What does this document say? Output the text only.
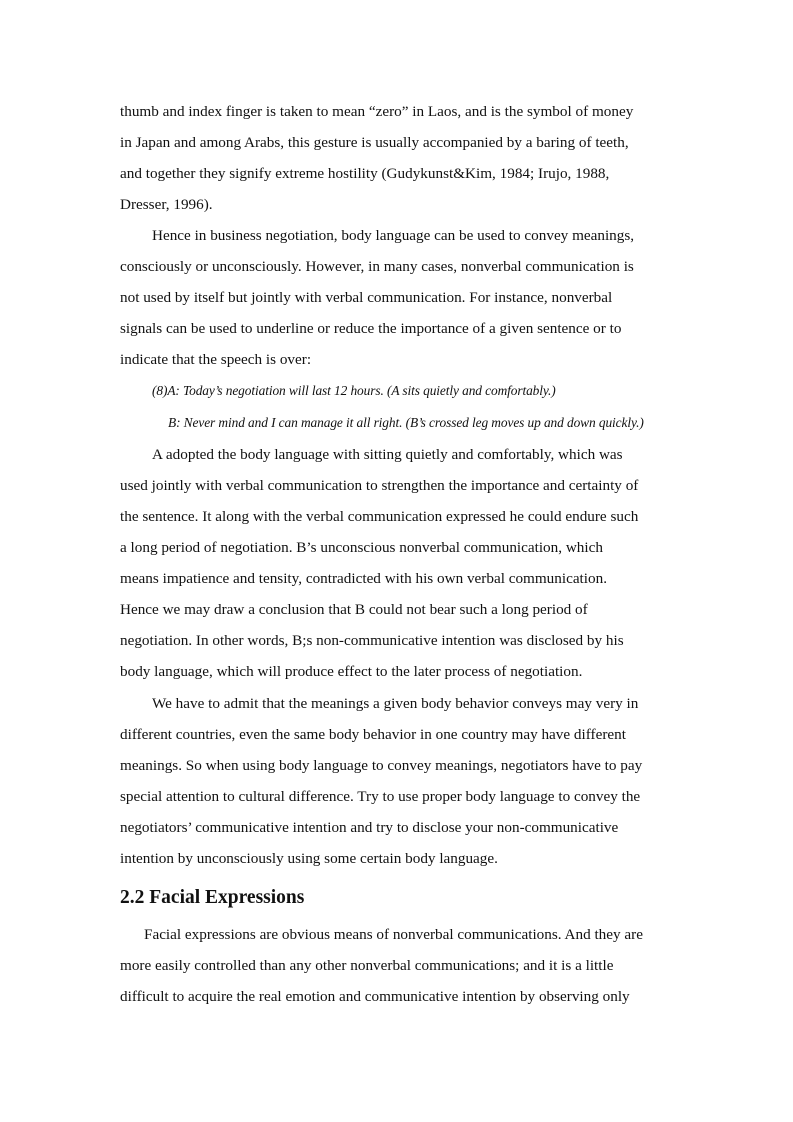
thumb and index finger is taken to mean “zero” in Laos, and is the symbol of money
in Japan and among Arabs, this gesture is usually accompanied by a baring of teeth,
and together they signify extreme hostility (Gudykunst&Kim, 1984; Irujo, 1988,
Dresser, 1996).
Hence in business negotiation, body language can be used to convey meanings,
consciously or unconsciously. However, in many cases, nonverbal communication is
not used by itself but jointly with verbal communication. For instance, nonverbal
signals can be used to underline or reduce the importance of a given sentence or to
indicate that the speech is over:
(8)A: Today’s negotiation will last 12 hours. (A sits quietly and comfortably.)
B: Never mind and I can manage it all right. (B’s crossed leg moves up and down quickly.)
A adopted the body language with sitting quietly and comfortably, which was
used jointly with verbal communication to strengthen the importance and certainty of
the sentence. It along with the verbal communication expressed he could endure such
a long period of negotiation. B’s unconscious nonverbal communication, which
means impatience and tensity, contradicted with his own verbal communication.
Hence we may draw a conclusion that B could not bear such a long period of
negotiation. In other words, B;s non-communicative intention was disclosed by his
body language, which will produce effect to the later process of negotiation.
We have to admit that the meanings a given body behavior conveys may very in
different countries, even the same body behavior in one country may have different
meanings. So when using body language to convey meanings, negotiators have to pay
special attention to cultural difference. Try to use proper body language to convey the
negotiators’ communicative intention and try to disclose your non-communicative
intention by unconsciously using some certain body language.
2.2 Facial Expressions
Facial expressions are obvious means of nonverbal communications. And they are
more easily controlled than any other nonverbal communications; and it is a little
difficult to acquire the real emotion and communicative intention by observing only
